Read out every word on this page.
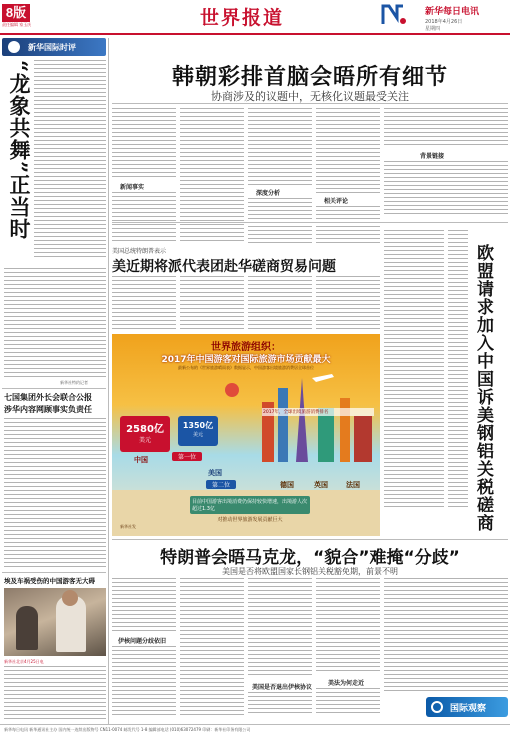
8版
责任编辑 家玉庆	世界报道	新华每日电讯
2018年4月26日
星期四
新华国际时评
“龙象共舞”正当时
新华社特约记者
七国集团外长会联合公报
涉华内容网顾事实负责任
埃及车祸受伤的中国游客无大碍
新华社北京4月25日电
韩朝彩排首脑会晤所有细节
协商涉及的议题中，无核化议题最受关注
新闻事实
深度分析
相关评论
背景链接
欧盟请求加入中国诉美钢铝关税磋商
美国总统特朗普表示
美近期将派代表团赴华磋商贸易问题
世界旅游组织：
2017年中国游客对国际旅游市场贡献最大
最新公布的《世界旅游晴雨表》数据显示，中国游客出境旅游消费居全球首位
2580亿
美元
中国	第一位
1350亿
美元
美国
第二位
2017年，全球出境旅游消费排名
德国	英国	法国
目前中国游客出境消费仍保持较快增速，出境游人次超过1.3亿
对推动世界旅游发展贡献巨大
新华社发
特朗普会晤马克龙，“貌合”难掩“分歧”
美国是否将欧盟国家长钢铝关税豁免期，前景不明
伊核问题分歧依旧
美国是否退出伊核协议
美法为何走近
国际观察
新华每日电讯 新华通讯社主办 国内统一连续出版物号 CN11-0074 邮发代号 1-8 编辑部电话 (010)63072479 印刷：新华社印务有限公司
